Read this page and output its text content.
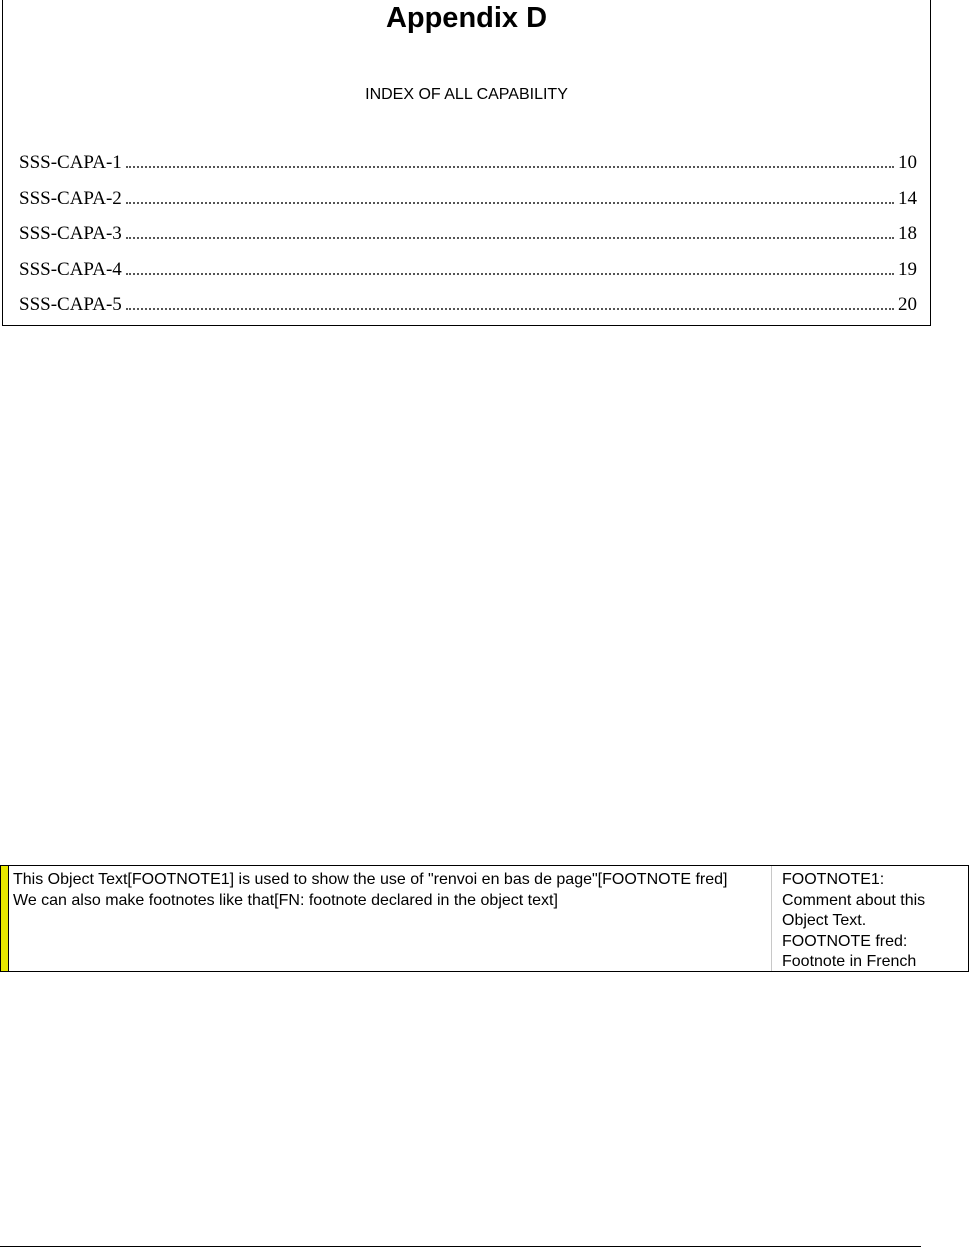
Appendix D
INDEX OF ALL CAPABILITY
SSS-CAPA-1	10
SSS-CAPA-2	14
SSS-CAPA-3	18
SSS-CAPA-4	19
SSS-CAPA-5	20
This Object Text[FOOTNOTE1] is used to show the use of "renvoi en bas de page"[FOOTNOTE fred]
We can also make footnotes like that[FN: footnote declared in the object text]
FOOTNOTE1:
Comment about this
Object Text.
FOOTNOTE fred:
Footnote in French
